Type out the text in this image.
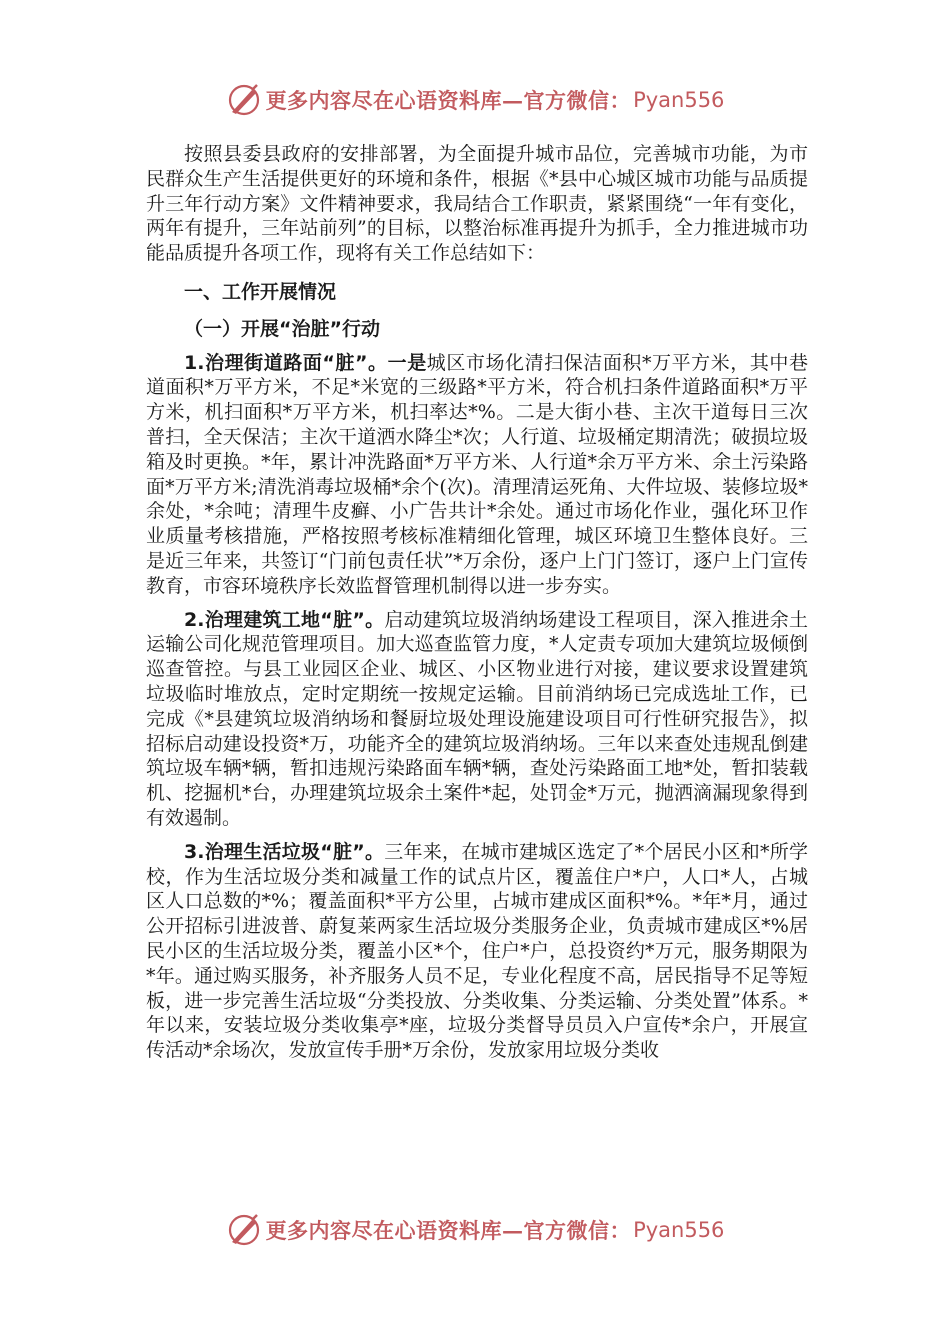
更多内容尽在心语资料库—官方微信： Pyan556

按照县委县政府的安排部署，为全面提升城市品位，完善城市功能，为市民群众生产生活提供更好的环境和条件，根据《*县中心城区城市功能与品质提升三年行动方案》文件精神要求，我局结合工作职责，紧紧围绕“一年有变化，两年有提升，三年站前列”的目标，以整治标准再提升为抓手，全力推进城市功能品质提升各项工作，现将有关工作总结如下：

一、工作开展情况

（一）开展“治脏”行动

1.治理街道路面“脏”。一是城区市场化清扫保洁面积*万平方米，其中巷道面积*万平方米，不足*米宽的三级路*平方米，符合机扫条件道路面积*万平方米，机扫面积*万平方米，机扫率达*%。二是大街小巷、主次干道每日三次普扫，全天保洁；主次干道洒水降尘*次；人行道、垃圾桶定期清洗；破损垃圾箱及时更换。*年，累计冲洗路面*万平方米、人行道*余万平方米、余土污染路面*万平方米;清洗消毒垃圾桶*余个(次)。清理清运死角、大件垃圾、装修垃圾*余处，*余吨；清理牛皮癣、小广告共计*余处。通过市场化作业，强化环卫作业质量考核措施，严格按照考核标准精细化管理，城区环境卫生整体良好。三是近三年来，共签订“门前包责任状”*万余份，逐户上门门签订，逐户上门宣传教育，市容环境秩序长效监督管理机制得以进一步夯实。

2.治理建筑工地“脏”。启动建筑垃圾消纳场建设工程项目，深入推进余土运输公司化规范管理项目。加大巡查监管力度，*人定责专项加大建筑垃圾倾倒巡查管控。与县工业园区企业、城区、小区物业进行对接，建议要求设置建筑垃圾临时堆放点，定时定期统一按规定运输。目前消纳场已完成选址工作，已完成《*县建筑垃圾消纳场和餐厨垃圾处理设施建设项目可行性研究报告》，拟招标启动建设投资*万，功能齐全的建筑垃圾消纳场。三年以来查处违规乱倒建筑垃圾车辆*辆，暂扣违规污染路面车辆*辆，查处污染路面工地*处，暂扣装载机、挖掘机*台，办理建筑垃圾余土案件*起，处罚金*万元，抛洒滴漏现象得到有效遏制。

3.治理生活垃圾“脏”。三年来，在城市建城区选定了*个居民小区和*所学校，作为生活垃圾分类和减量工作的试点片区，覆盖住户*户，人口*人，占城区人口总数的*%；覆盖面积*平方公里，占城市建成区面积*%。*年*月，通过公开招标引进波普、蔚复莱两家生活垃圾分类服务企业，负责城市建成区*%居民小区的生活垃圾分类，覆盖小区*个，住户*户，总投资约*万元，服务期限为*年。通过购买服务，补齐服务人员不足，专业化程度不高，居民指导不足等短板，进一步完善生活垃圾“分类投放、分类收集、分类运输、分类处置”体系。*年以来，安装垃圾分类收集亭*座，垃圾分类督导员员入户宣传*余户，开展宣传活动*余场次，发放宣传手册*万余份，发放家用垃圾分类收

更多内容尽在心语资料库—官方微信： Pyan556
